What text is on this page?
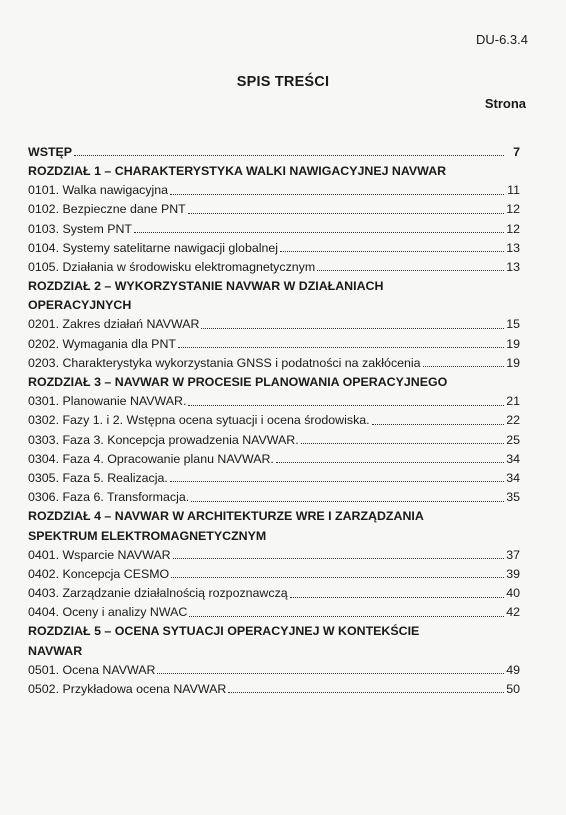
DU-6.3.4
SPIS TREŚCI
Strona
WSTĘP	7
ROZDZIAŁ 1 – CHARAKTERYSTYKA WALKI NAWIGACYJNEJ NAVWAR
0101. Walka nawigacyjna	11
0102. Bezpieczne dane PNT	12
0103. System PNT	12
0104. Systemy satelitarne nawigacji globalnej	13
0105. Działania w środowisku elektromagnetycznym	13
ROZDZIAŁ 2 – WYKORZYSTANIE NAVWAR W DZIAŁANIACH
OPERACYJNYCH
0201. Zakres działań NAVWAR	15
0202. Wymagania dla PNT	19
0203. Charakterystyka wykorzystania GNSS i podatności na zakłócenia	19
ROZDZIAŁ 3 – NAVWAR W PROCESIE PLANOWANIA OPERACYJNEGO
0301. Planowanie NAVWAR.	21
0302. Fazy 1. i 2. Wstępna ocena sytuacji i ocena środowiska.	22
0303. Faza 3. Koncepcja prowadzenia NAVWAR.	25
0304. Faza 4. Opracowanie planu NAVWAR.	34
0305. Faza 5. Realizacja.	34
0306. Faza 6. Transformacja.	35
ROZDZIAŁ 4 – NAVWAR W ARCHITEKTURZE WRE I ZARZĄDZANIA
SPEKTRUM ELEKTROMAGNETYCZNYM
0401. Wsparcie NAVWAR	37
0402. Koncepcja CESMO	39
0403. Zarządzanie działalnością rozpoznawczą	40
0404. Oceny i analizy NWAC	42
ROZDZIAŁ 5 – OCENA SYTUACJI OPERACYJNEJ W KONTEKŚCIE
NAVWAR
0501. Ocena NAVWAR	49
0502. Przykładowa ocena NAVWAR	50
